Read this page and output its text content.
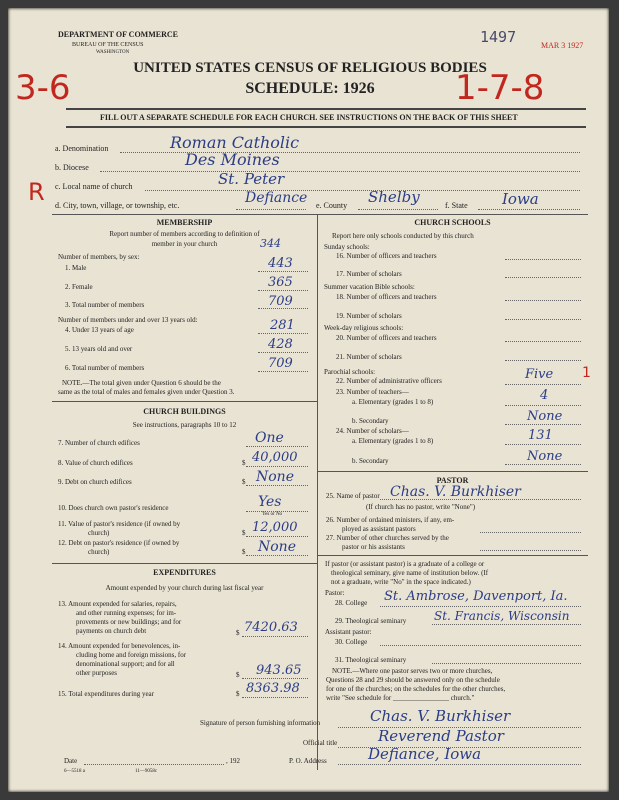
DEPARTMENT OF COMMERCE
BUREAU OF THE CENSUS
WASHINGTON
1497	MAR 3 1927
UNITED STATES CENSUS OF RELIGIOUS BODIES
SCHEDULE: 1926
3-6	1-7-8
FILL OUT A SEPARATE SCHEDULE FOR EACH CHURCH. SEE INSTRUCTIONS ON THE BACK OF THIS SHEET
a. Denomination	Roman Catholic
b. Diocese	Des Moines
c. Local name of church	St. Peter
R d. City, town, village, or township, etc.	Defiance e. County Shelby	f. State Iowa
MEMBERSHIP
Report number of members according to definition of
member in your church	344
Number of members, by sex:
1. Male	443
2. Female	365
3. Total number of members	709
Number of members under and over 13 years old:
4. Under 13 years of age	281
5. 13 years old and over	428
6. Total number of members	709
NOTE.—The total given under Question 6 should be the
same as the total of males and females given under Question 3.
CHURCH BUILDINGS
See instructions, paragraphs 10 to 12
7. Number of church edifices	One
8. Value of church edifices	$ 40,000
9. Debt on church edifices	$ None
10. Does church own pastor's residence	Yes
Yes or No
11. Value of pastor's residence (if owned by
church)	$ 12,000
12. Debt on pastor's residence (if owned by
church)	$ None
EXPENDITURES
Amount expended by your church during last fiscal year
13. Amount expended for salaries, repairs,
and other running expenses; for im-
provements or new buildings; and for
payments on church debt	$ 7420.63
14. Amount expended for benevolences, in-
cluding home and foreign missions, for
denominational support; and for all
other purposes	$ 943.65
15. Total expenditures during year	$ 8363.98
CHURCH SCHOOLS
Report here only schools conducted by this church
Sunday schools:
16. Number of officers and teachers
17. Number of scholars
Summer vacation Bible schools:
18. Number of officers and teachers
19. Number of scholars
Week-day religious schools:
20. Number of officers and teachers
21. Number of scholars
Parochial schools:
22. Number of administrative officers	Five 1
23. Number of teachers—
a. Elementary (grades 1 to 8)	4
b. Secondary	None
24. Number of scholars—
a. Elementary (grades 1 to 8)	131
b. Secondary	None
PASTOR
25. Name of pastor Chas. V. Burkhiser
(If church has no pastor, write "None")
26. Number of ordained ministers, if any, em-
ployed as assistant pastors
27. Number of other churches served by the
pastor or his assistants
If pastor (or assistant pastor) is a graduate of a college or
theological seminary, give name of institution below. (If
not a graduate, write "No" in the space indicated.)
Pastor:
28. College St. Ambrose, Davenport, Ia.
29. Theological seminary St. Francis, Wisconsin
Assistant pastor:
30. College
31. Theological seminary
NOTE.—Where one pastor serves two or more churches,
Questions 28 and 29 should be answered only on the schedule
for one of the churches; on the schedules for the other churches,
write "See schedule for ________________ church."
Signature of person furnishing information	Chas. V. Burkhiser
Official title	Reverend Pastor
Date	, 192	P. O. Address	Defiance, Iowa
6—5518 a	11—9058c
